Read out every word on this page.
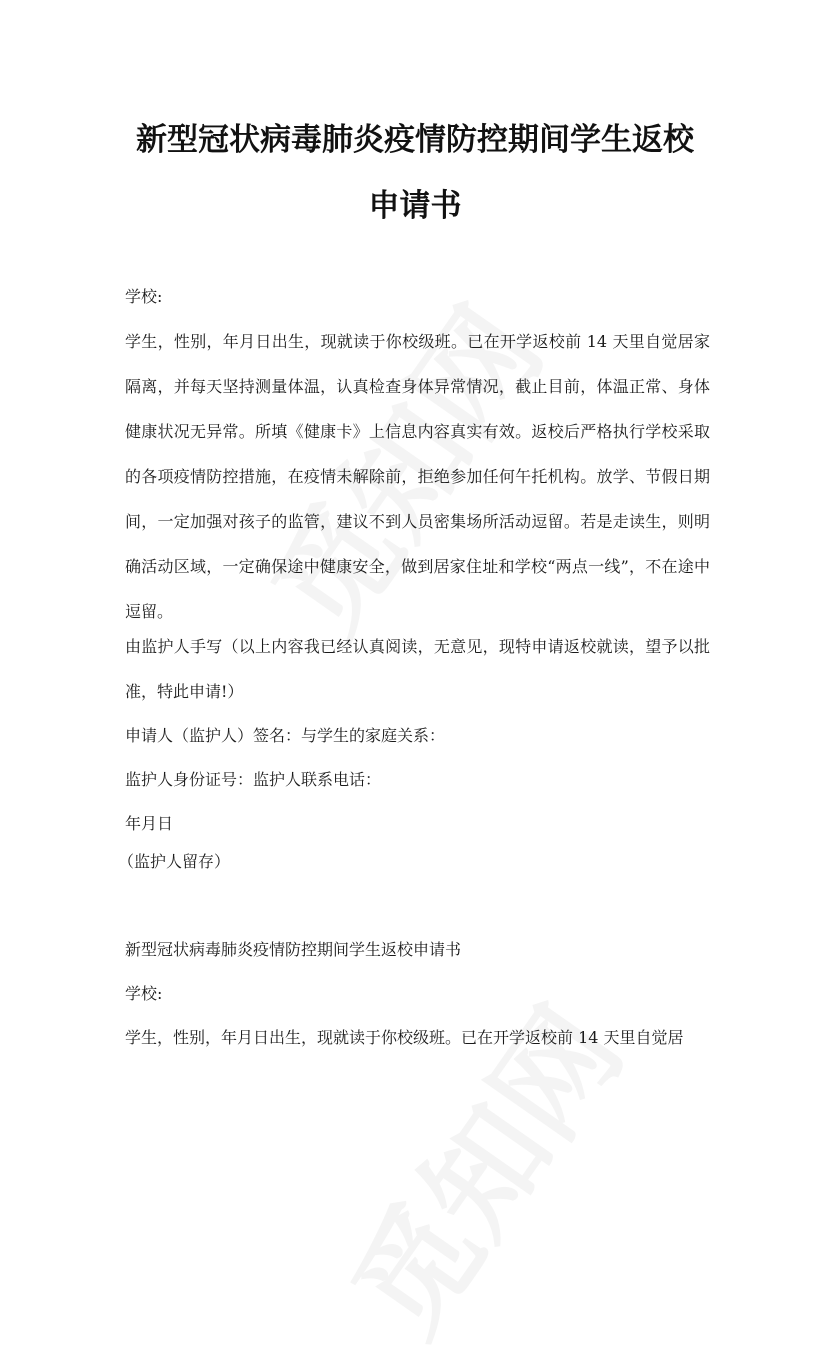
新型冠状病毒肺炎疫情防控期间学生返校
申请书

学校:

学生，性别，年月日出生，现就读于你校级班。已在开学返校前 14 天里自觉居家隔离，并每天坚持测量体温，认真检查身体异常情况，截止目前，体温正常、身体健康状况无异常。所填《健康卡》上信息内容真实有效。返校后严格执行学校采取的各项疫情防控措施，在疫情未解除前，拒绝参加任何午托机构。放学、节假日期间，一定加强对孩子的监管，建议不到人员密集场所活动逗留。若是走读生，则明确活动区域，一定确保途中健康安全，做到居家住址和学校“两点一线”，不在途中逗留。

由监护人手写（以上内容我已经认真阅读，无意见，现特申请返校就读，望予以批准，特此申请!）

申请人（监护人）签名：与学生的家庭关系：

监护人身份证号：监护人联系电话：

年月日

（监护人留存）

新型冠状病毒肺炎疫情防控期间学生返校申请书

学校:

学生，性别，年月日出生，现就读于你校级班。已在开学返校前 14 天里自觉居
